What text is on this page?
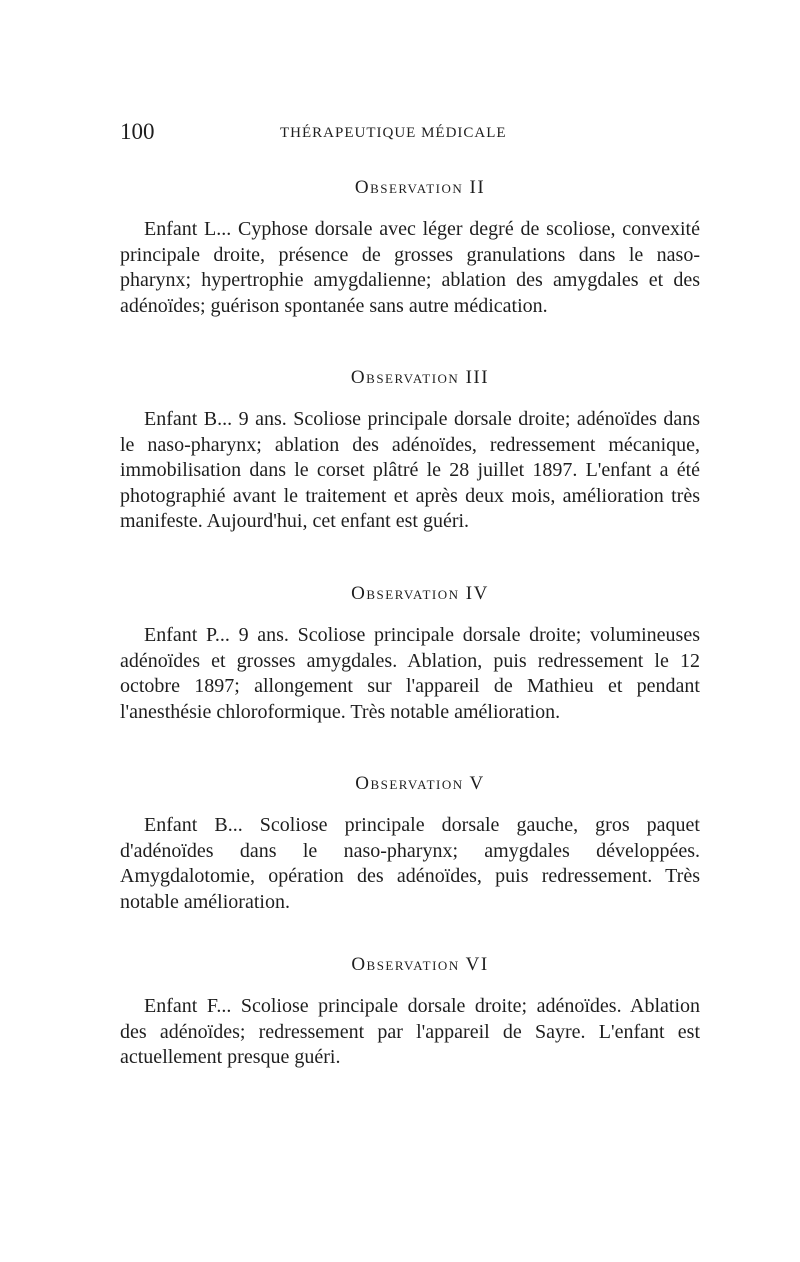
100	THÉRAPEUTIQUE MÉDICALE
Observation II

Enfant L... Cyphose dorsale avec léger degré de scoliose, convexité principale droite, présence de grosses granulations dans le naso-pharynx; hypertrophie amygdalienne; ablation des amygdales et des adénoïdes; guérison spontanée sans autre médication.

Observation III

Enfant B... 9 ans. Scoliose principale dorsale droite; adénoïdes dans le naso-pharynx; ablation des adénoïdes, redressement mécanique, immobilisation dans le corset plâtré le 28 juillet 1897. L'enfant a été photographié avant le traitement et après deux mois, amélioration très manifeste. Aujourd'hui, cet enfant est guéri.

Observation IV

Enfant P... 9 ans. Scoliose principale dorsale droite; volumineuses adénoïdes et grosses amygdales. Ablation, puis redressement le 12 octobre 1897; allongement sur l'appareil de Mathieu et pendant l'anesthésie chloroformique. Très notable amélioration.

Observation V

Enfant B... Scoliose principale dorsale gauche, gros paquet d'adénoïdes dans le naso-pharynx; amygdales développées. Amygdalotomie, opération des adénoïdes, puis redressement. Très notable amélioration.

Observation VI

Enfant F... Scoliose principale dorsale droite; adénoïdes. Ablation des adénoïdes; redressement par l'appareil de Sayre. L'enfant est actuellement presque guéri.
